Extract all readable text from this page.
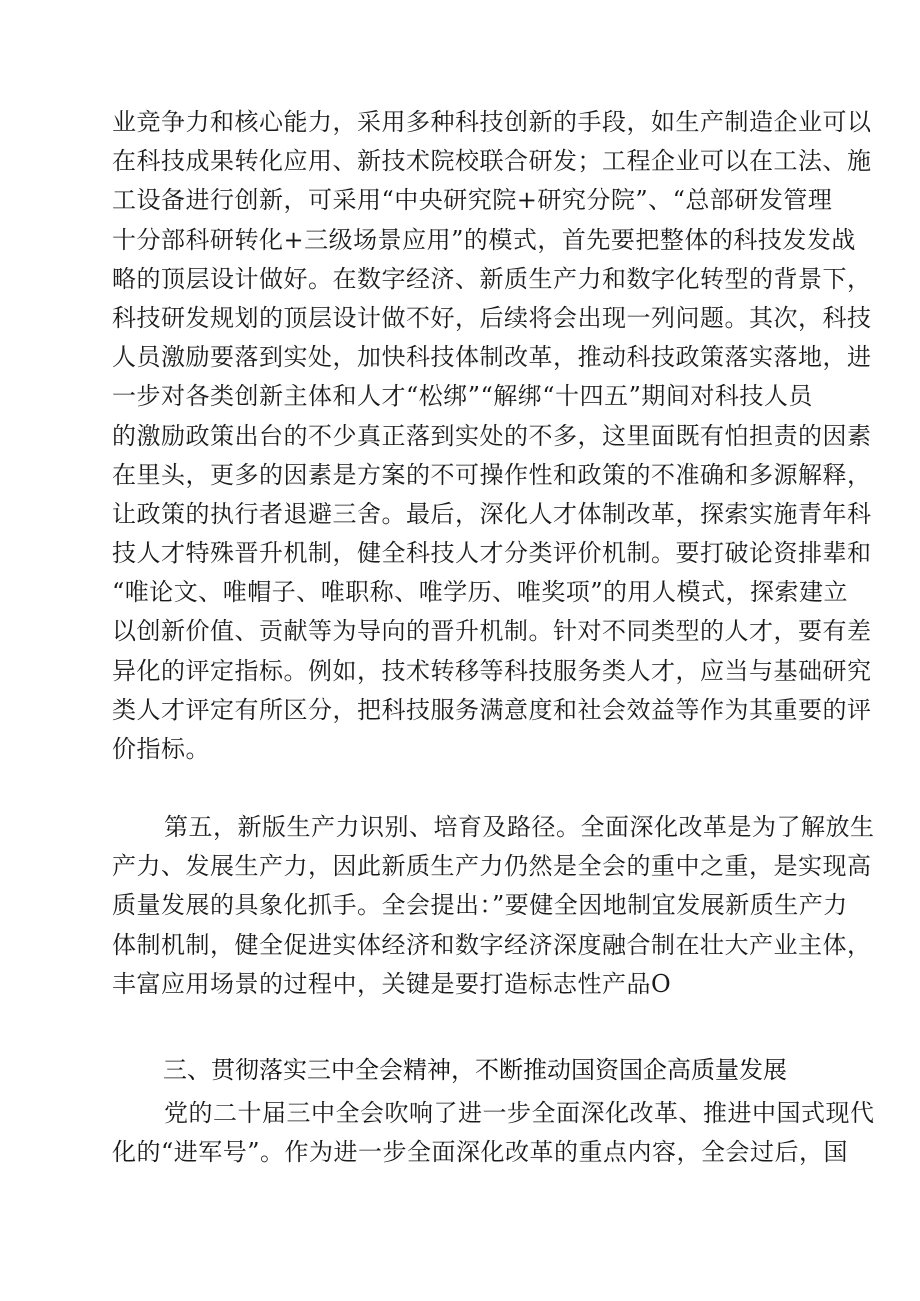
业竞争力和核心能力，采用多种科技创新的手段，如生产制造企业可以
在科技成果转化应用、新技术院校联合研发；工程企业可以在工法、施
工设备进行创新，可采用“中央研究院+研究分院”、“总部研发管理
十分部科研转化+三级场景应用”的模式，首先要把整体的科技发发战
略的顶层设计做好。在数字经济、新质生产力和数字化转型的背景下，
科技研发规划的顶层设计做不好，后续将会出现一列问题。其次，科技
人员激励要落到实处，加快科技体制改革，推动科技政策落实落地，进
一步对各类创新主体和人才“松绑”“解绑“十四五”期间对科技人员
的激励政策出台的不少真正落到实处的不多，这里面既有怕担责的因素
在里头，更多的因素是方案的不可操作性和政策的不准确和多源解释，
让政策的执行者退避三舍。最后，深化人才体制改革，探索实施青年科
技人才特殊晋升机制，健全科技人才分类评价机制。要打破论资排辈和
“唯论文、唯帽子、唯职称、唯学历、唯奖项”的用人模式，探索建立
以创新价值、贡献等为导向的晋升机制。针对不同类型的人才，要有差
异化的评定指标。例如，技术转移等科技服务类人才，应当与基础研究
类人才评定有所区分，把科技服务满意度和社会效益等作为其重要的评
价指标。
第五，新版生产力识别、培育及路径。全面深化改革是为了解放生
产力、发展生产力，因此新质生产力仍然是全会的重中之重，是实现高
质量发展的具象化抓手。全会提出：”要健全因地制宜发展新质生产力
体制机制，健全促进实体经济和数字经济深度融合制在壮大产业主体，
丰富应用场景的过程中，关键是要打造标志性产品O
三、贯彻落实三中全会精神，不断推动国资国企高质量发展
党的二十届三中全会吹响了进一步全面深化改革、推进中国式现代
化的“进军号”。作为进一步全面深化改革的重点内容，全会过后，国
